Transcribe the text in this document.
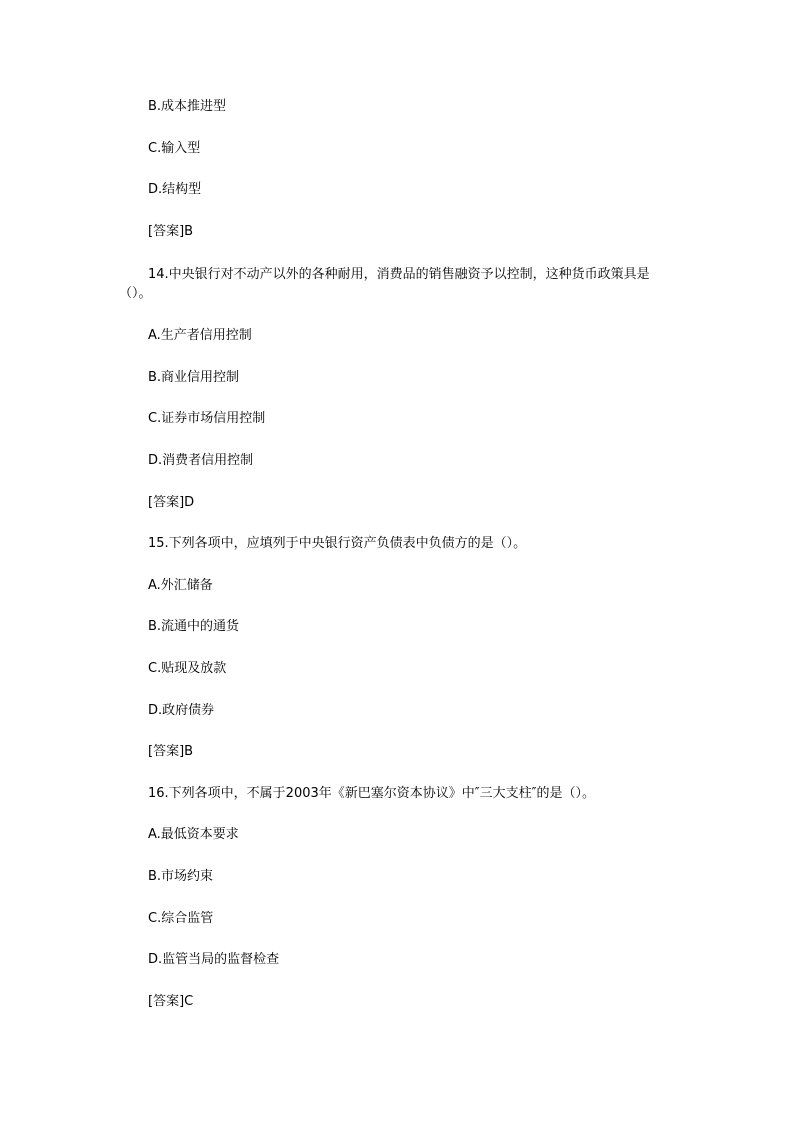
B.成本推进型
C.输入型
D.结构型
[答案]B
14.中央银行对不动产以外的各种耐用，消费品的销售融资予以控制，这种货币政策具是（）。
A.生产者信用控制
B.商业信用控制
C.证券市场信用控制
D.消费者信用控制
[答案]D
15.下列各项中，应填列于中央银行资产负债表中负债方的是（）。
A.外汇储备
B.流通中的通货
C.贴现及放款
D.政府债券
[答案]B
16.下列各项中，不属于2003年《新巴塞尔资本协议》中″三大支柱″的是（）。
A.最低资本要求
B.市场约束
C.综合监管
D.监管当局的监督检查
[答案]C
